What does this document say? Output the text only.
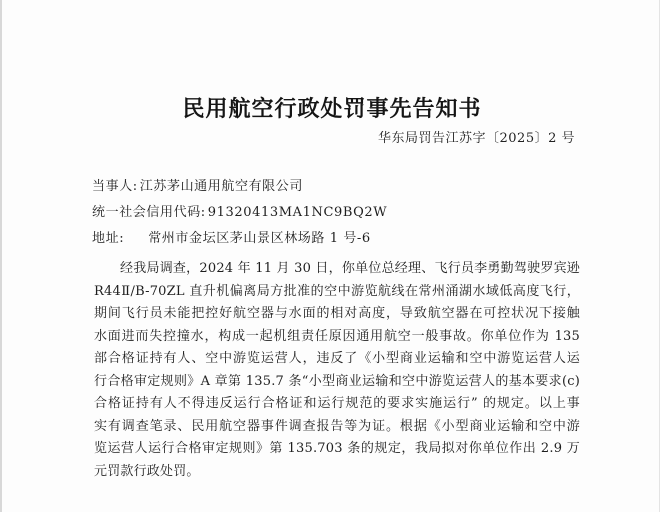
民用航空行政处罚事先告知书
华东局罚告江苏字〔2025〕2 号
当事人: 江苏茅山通用航空有限公司
统一社会信用代码: 91320413MA1NC9BQ2W
地址: 常州市金坛区茅山景区林场路 1 号-6
经我局调查，2024 年 11 月 30 日，你单位总经理、飞行员李勇勤驾驶罗宾逊
R44Ⅱ/B-70ZL 直升机偏离局方批准的空中游览航线在常州涌湖水域低高度飞行，
期间飞行员未能把控好航空器与水面的相对高度，导致航空器在可控状况下接触
水面进而失控撞水，构成一起机组责任原因通用航空一般事故。你单位作为 135
部合格证持有人、空中游览运营人，违反了《小型商业运输和空中游览运营人运
行合格审定规则》A 章第 135.7 条“小型商业运输和空中游览运营人的基本要求(c)
合格证持有人不得违反运行合格证和运行规范的要求实施运行” 的规定。以上事
实有调查笔录、民用航空器事件调查报告等为证。根据《小型商业运输和空中游
览运营人运行合格审定规则》第 135.703 条的规定，我局拟对你单位作出 2.9 万
元罚款行政处罚。
